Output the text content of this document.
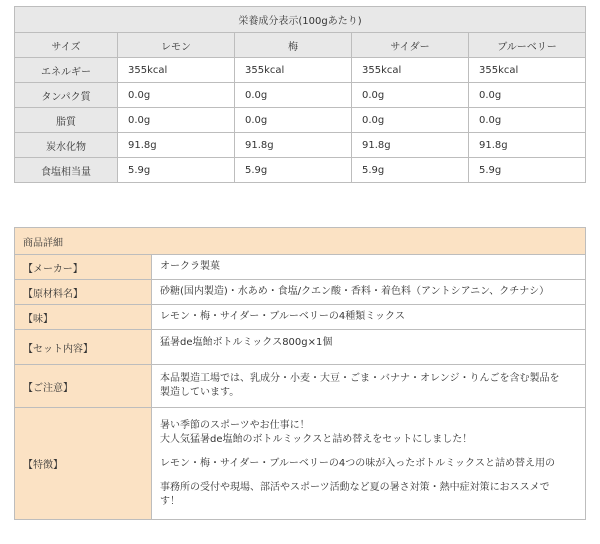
栄養成分表示(100gあたり)				
サイズ	レモン	梅	サイダー	ブルーベリー
エネルギー	355kcal	355kcal	355kcal	355kcal
タンパク質	0.0g	0.0g	0.0g	0.0g
脂質	0.0g	0.0g	0.0g	0.0g
炭水化物	91.8g	91.8g	91.8g	91.8g
食塩相当量	5.9g	5.9g	5.9g	5.9g
商品詳細	
【メーカー】	オークラ製菓
【原材料名】	砂糖(国内製造)・水あめ・食塩/クエン酸・香料・着色料（アントシアニン、クチナシ）
【味】	レモン・梅・サイダー・ブルーベリーの4種類ミックス
【セット内容】	猛暑de塩飴ボトルミックス800g×1個
【ご注意】	本品製造工場では、乳成分・小麦・大豆・ごま・バナナ・オレンジ・りんごを含む製品を
製造しています。

【特徴】	暑い季節のスポーツやお仕事に！
大人気猛暑de塩飴のボトルミックスと詰め替えをセットにしました！
レモン・梅・サイダー・ブルーベリーの4つの味が入ったボトルミックスと詰め替え用の
事務所の受付や現場、部活やスポーツ活動など夏の暑さ対策・熱中症対策におススメで
す！
